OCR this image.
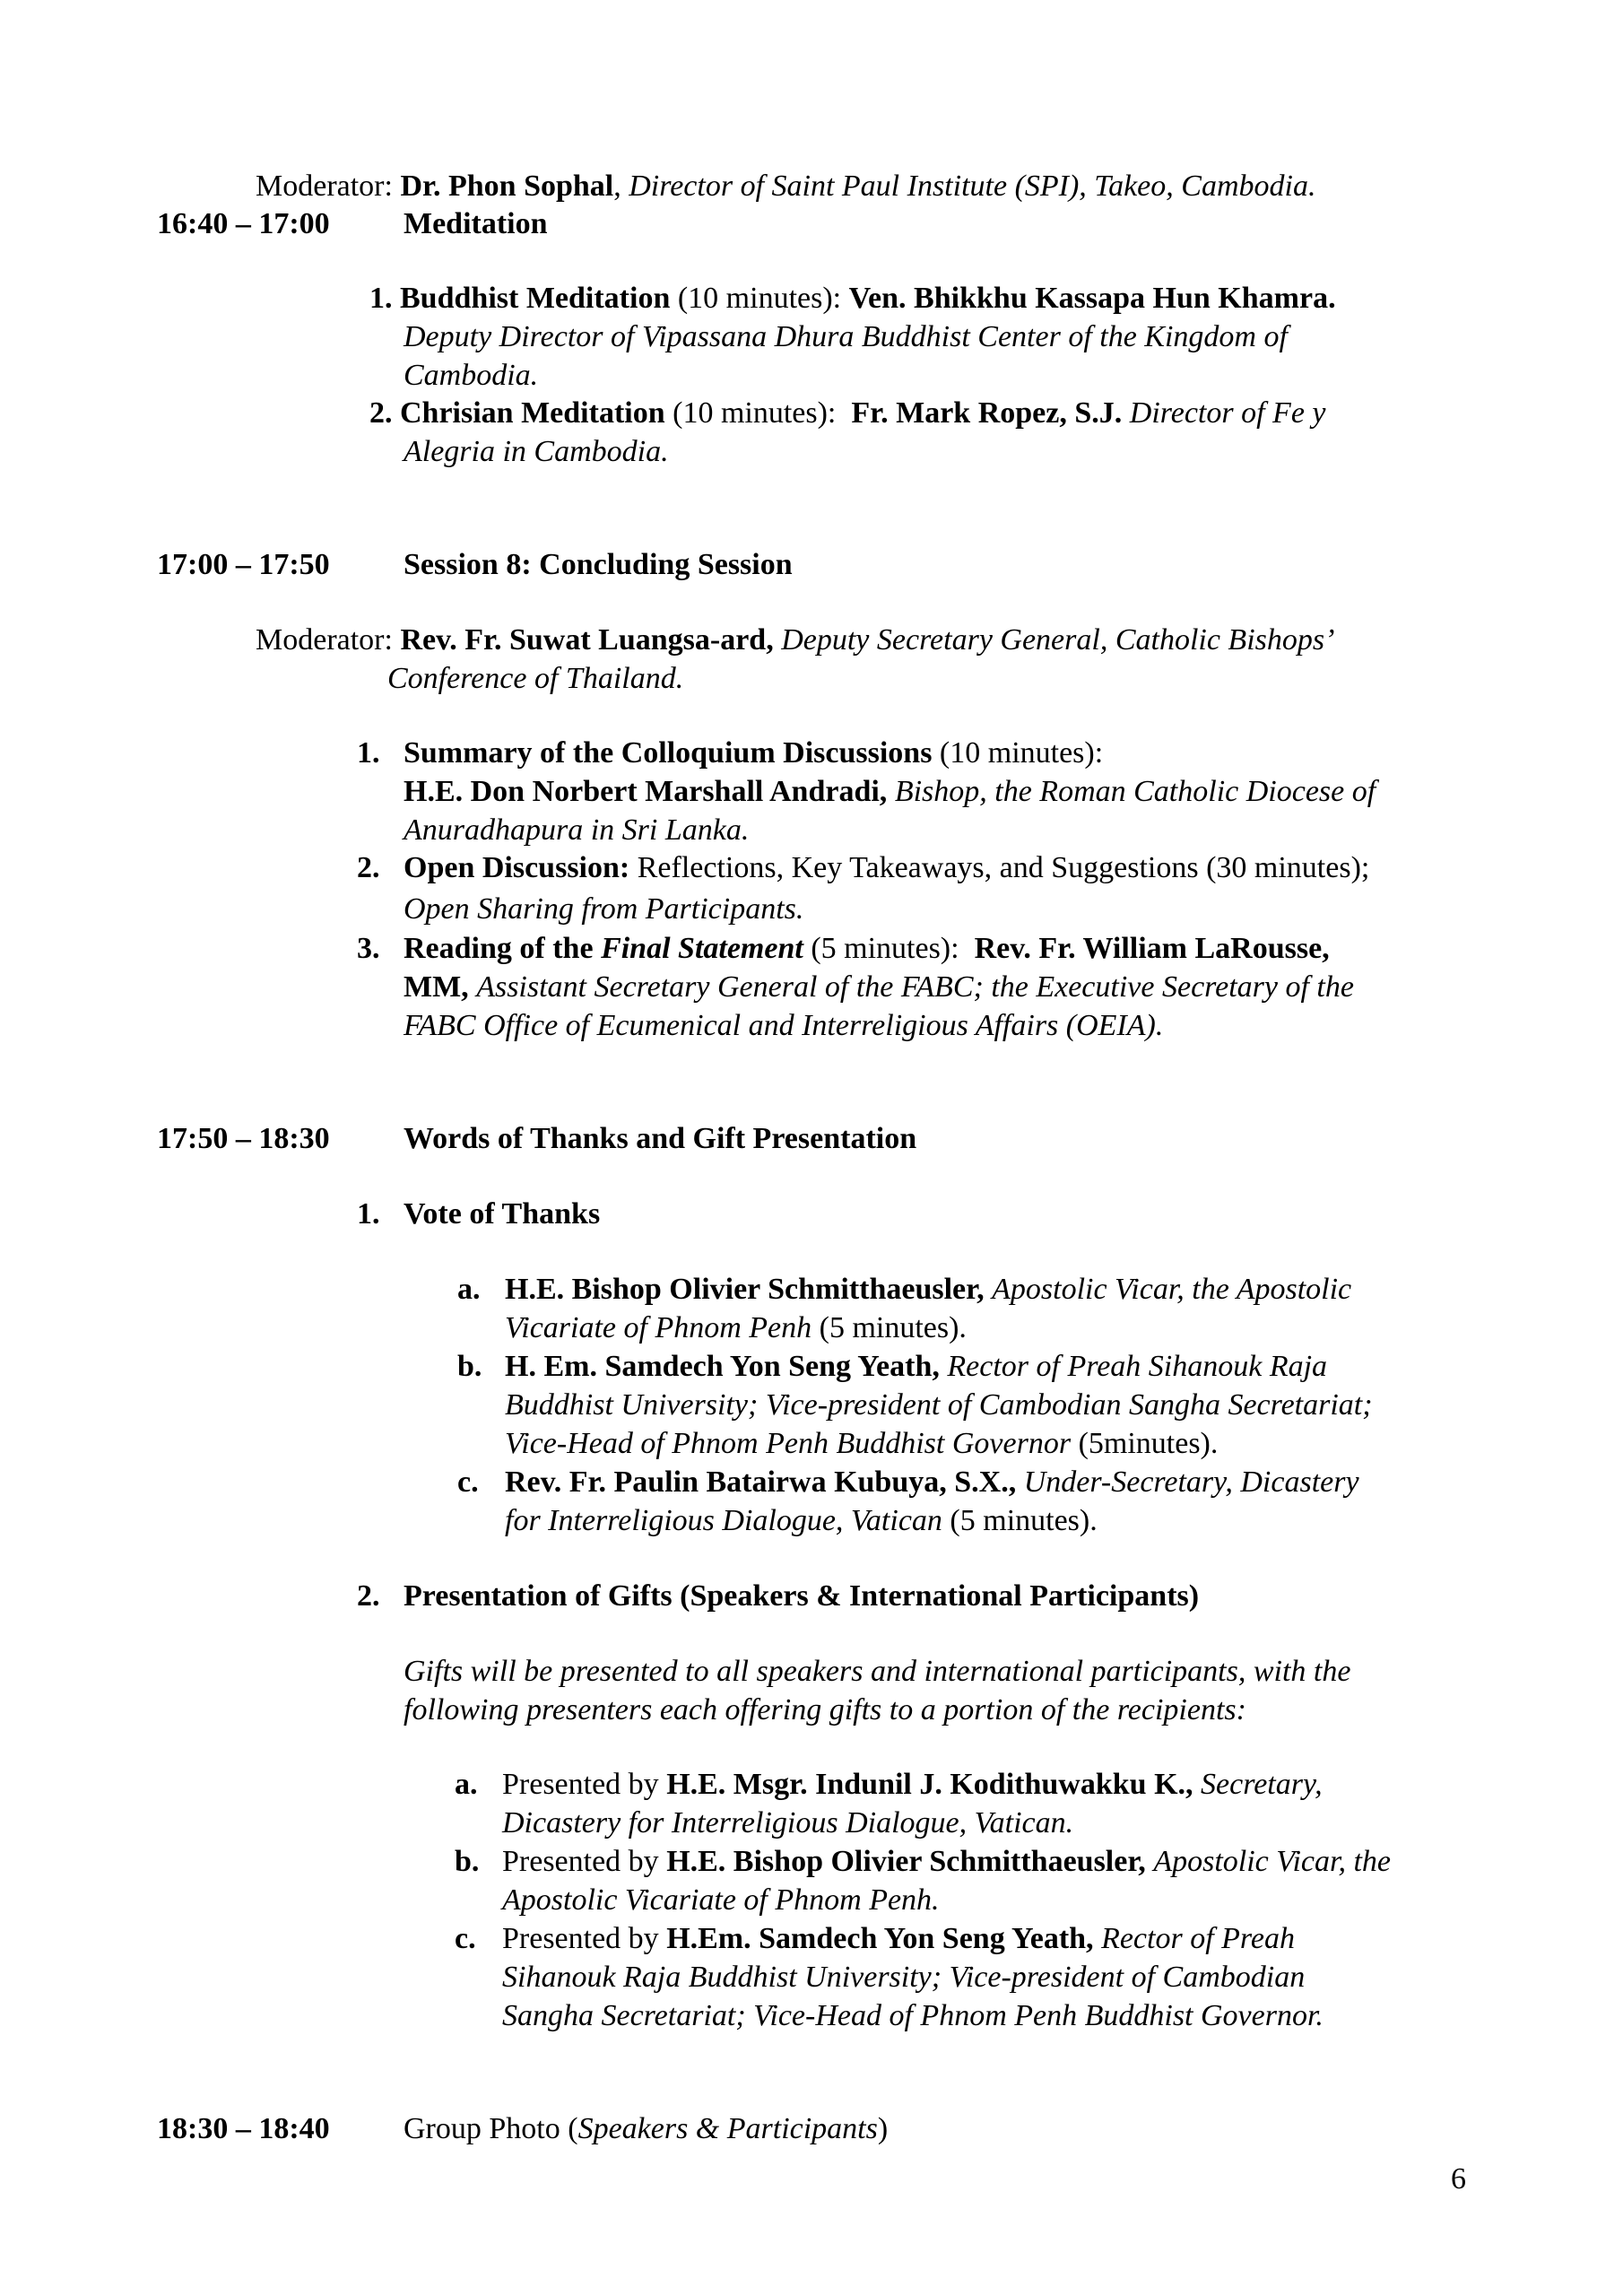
Moderator: Dr. Phon Sophal, Director of Saint Paul Institute (SPI), Takeo, Cambodia.
16:40 – 17:00 Meditation
1. Buddhist Meditation (10 minutes): Ven. Bhikkhu Kassapa Hun Khamra.
Deputy Director of Vipassana Dhura Buddhist Center of the Kingdom of
Cambodia.
2. Chrisian Meditation (10 minutes): Fr. Mark Ropez, S.J. Director of Fe y
Alegria in Cambodia.
17:00 – 17:50 Session 8: Concluding Session
Moderator: Rev. Fr. Suwat Luangsa-ard, Deputy Secretary General, Catholic Bishops’
Conference of Thailand.
1. Summary of the Colloquium Discussions (10 minutes):
H.E. Don Norbert Marshall Andradi, Bishop, the Roman Catholic Diocese of
Anuradhapura in Sri Lanka.
2. Open Discussion: Reflections, Key Takeaways, and Suggestions (30 minutes);
Open Sharing from Participants.
3. Reading of the Final Statement (5 minutes): Rev. Fr. William LaRousse,
MM, Assistant Secretary General of the FABC; the Executive Secretary of the
FABC Office of Ecumenical and Interreligious Affairs (OEIA).
17:50 – 18:30 Words of Thanks and Gift Presentation
1. Vote of Thanks
a. H.E. Bishop Olivier Schmitthaeusler, Apostolic Vicar, the Apostolic
Vicariate of Phnom Penh (5 minutes).
b. H. Em. Samdech Yon Seng Yeath, Rector of Preah Sihanouk Raja
Buddhist University; Vice-president of Cambodian Sangha Secretariat;
Vice-Head of Phnom Penh Buddhist Governor (5minutes).
c. Rev. Fr. Paulin Batairwa Kubuya, S.X., Under-Secretary, Dicastery
for Interreligious Dialogue, Vatican (5 minutes).
2. Presentation of Gifts (Speakers & International Participants)
Gifts will be presented to all speakers and international participants, with the
following presenters each offering gifts to a portion of the recipients:
a. Presented by H.E. Msgr. Indunil J. Kodithuwakku K., Secretary,
Dicastery for Interreligious Dialogue, Vatican.
b. Presented by H.E. Bishop Olivier Schmitthaeusler, Apostolic Vicar, the
Apostolic Vicariate of Phnom Penh.
c. Presented by H.Em. Samdech Yon Seng Yeath, Rector of Preah
Sihanouk Raja Buddhist University; Vice-president of Cambodian
Sangha Secretariat; Vice-Head of Phnom Penh Buddhist Governor.
18:30 – 18:40 Group Photo (Speakers & Participants)
6
